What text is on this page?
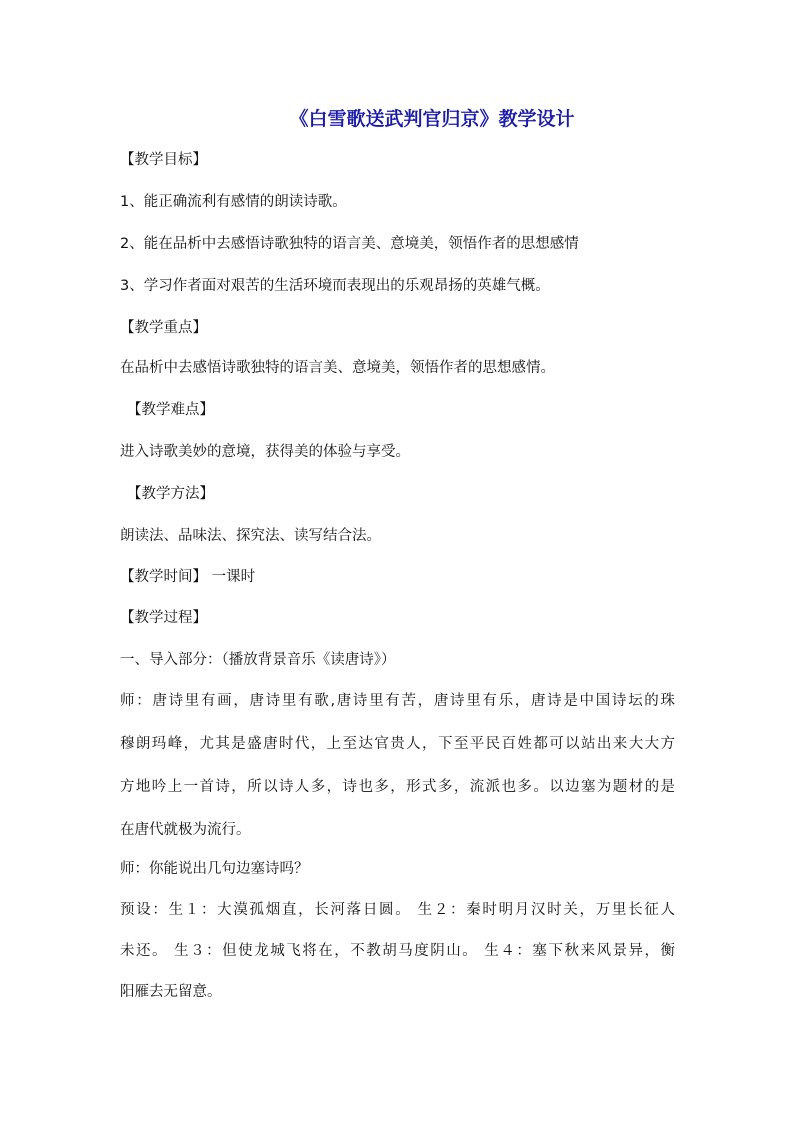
《白雪歌送武判官归京》教学设计
【教学目标】
1、能正确流利有感情的朗读诗歌。
2、能在品析中去感悟诗歌独特的语言美、意境美，领悟作者的思想感情
3、学习作者面对艰苦的生活环境而表现出的乐观昂扬的英雄气概。
【教学重点】
在品析中去感悟诗歌独特的语言美、意境美，领悟作者的思想感情。
【教学难点】
进入诗歌美妙的意境，获得美的体验与享受。
【教学方法】
朗读法、品味法、探究法、读写结合法。
【教学时间】 一课时
【教学过程】
一、导入部分：（播放背景音乐《读唐诗》）
师：唐诗里有画，唐诗里有歌,唐诗里有苦，唐诗里有乐，唐诗是中国诗坛的珠
穆朗玛峰，尤其是盛唐时代，上至达官贵人，下至平民百姓都可以站出来大大方
方地吟上一首诗，所以诗人多，诗也多，形式多，流派也多。以边塞为题材的是
在唐代就极为流行。
师：你能说出几句边塞诗吗？
预设：生１：大漠孤烟直，长河落日圆。 生２：秦时明月汉时关，万里长征人
未还。 生３：但使龙城飞将在，不教胡马度阴山。 生４：塞下秋来风景异，衡
阳雁去无留意。
